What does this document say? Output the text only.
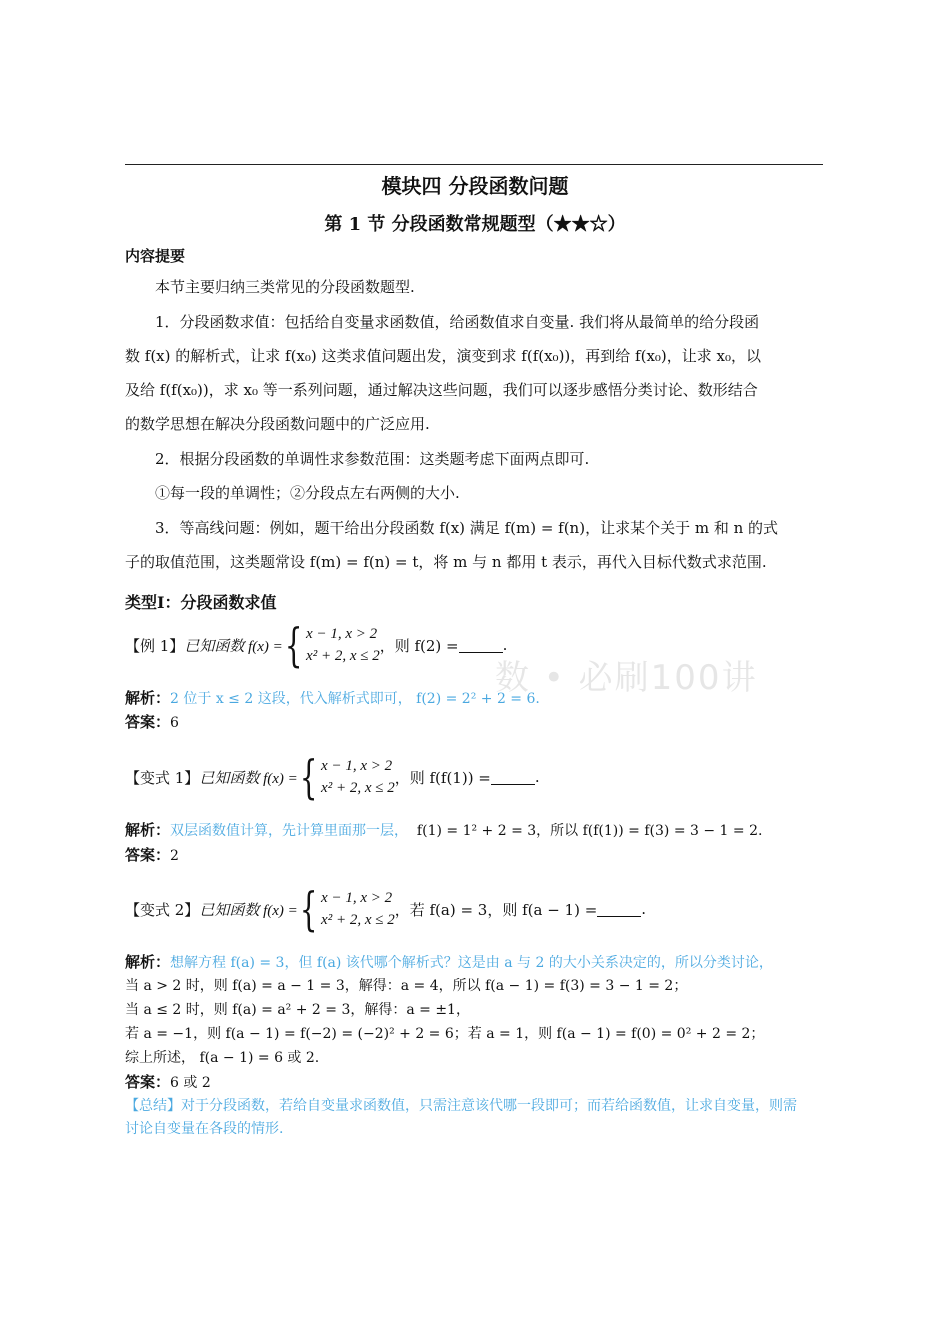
模块四 分段函数问题
第 1 节 分段函数常规题型（★★☆）
内容提要
本节主要归纳三类常见的分段函数题型.
1．分段函数求值：包括给自变量求函数值，给函数值求自变量. 我们将从最简单的给分段函
数 f(x) 的解析式，让求 f(x₀) 这类求值问题出发，演变到求 f(f(x₀))，再到给 f(x₀)，让求 x₀，以
及给 f(f(x₀))，求 x₀ 等一系列问题，通过解决这些问题，我们可以逐步感悟分类讨论、数形结合
的数学思想在解决分段函数问题中的广泛应用.
2．根据分段函数的单调性求参数范围：这类题考虑下面两点即可.
①每一段的单调性；②分段点左右两侧的大小.
3．等高线问题：例如，题干给出分段函数 f(x) 满足 f(m) = f(n)，让求某个关于 m 和 n 的式
子的取值范围，这类题常设 f(m) = f(n) = t，将 m 与 n 都用 t 表示，再代入目标代数式求范围.
类型Ⅰ：分段函数求值
数 • 必刷100讲
【例 1】 已知函数 f(x) = { x − 1, x > 2
x² + 2, x ≤ 2
，则 f(2) =	.
解析：2 位于 x ≤ 2 这段，代入解析式即可， f(2) = 2² + 2 = 6.
答案：6
【变式 1】 已知函数 f(x) = { x − 1, x > 2
x² + 2, x ≤ 2
，则 f(f(1)) =	.
解析：双层函数值计算，先计算里面那一层， f(1) = 1² + 2 = 3，所以 f(f(1)) = f(3) = 3 − 1 = 2.
答案：2
【变式 2】 已知函数 f(x) = { x − 1, x > 2
x² + 2, x ≤ 2
，若 f(a) = 3，则 f(a − 1) =	.
解析：想解方程 f(a) = 3，但 f(a) 该代哪个解析式？这是由 a 与 2 的大小关系决定的，所以分类讨论，
当 a > 2 时，则 f(a) = a − 1 = 3，解得：a = 4，所以 f(a − 1) = f(3) = 3 − 1 = 2；
当 a ≤ 2 时，则 f(a) = a² + 2 = 3，解得：a = ±1，
若 a = −1，则 f(a − 1) = f(−2) = (−2)² + 2 = 6；若 a = 1，则 f(a − 1) = f(0) = 0² + 2 = 2；
综上所述， f(a − 1) = 6 或 2.
答案：6 或 2
【总结】对于分段函数，若给自变量求函数值，只需注意该代哪一段即可；而若给函数值，让求自变量，则需
讨论自变量在各段的情形.
